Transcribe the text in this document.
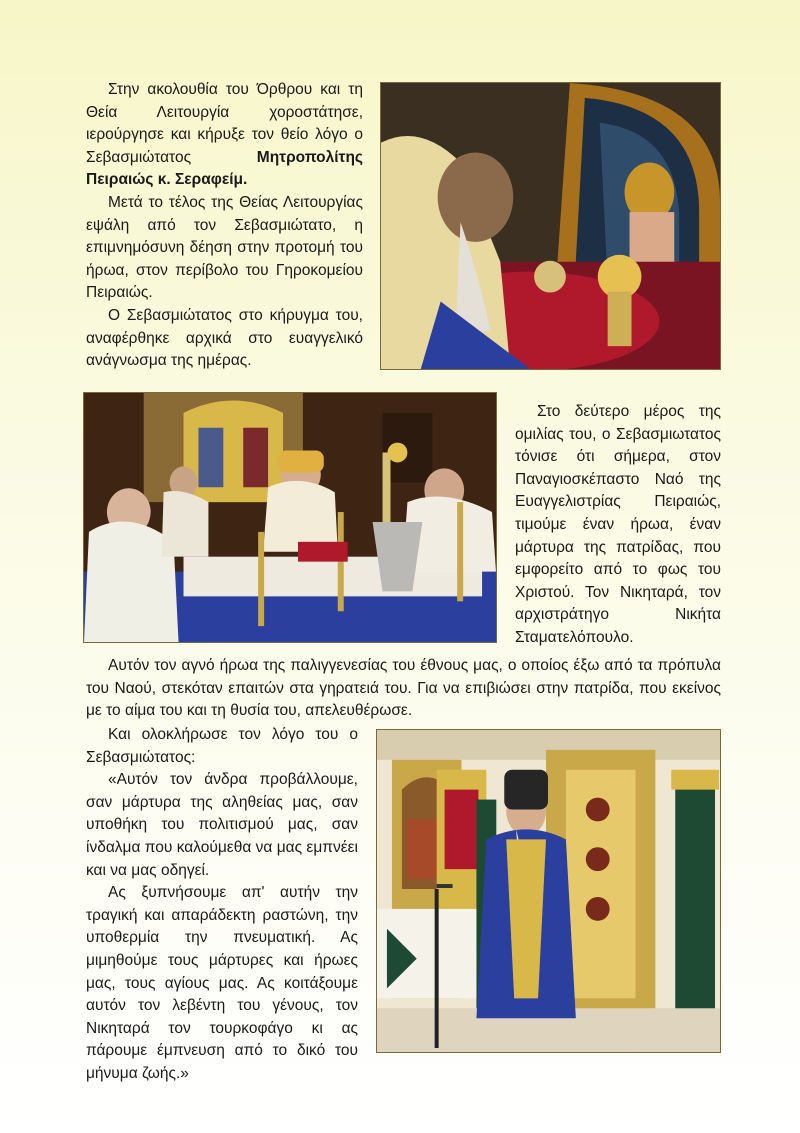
Στην ακολουθία του Όρθρου και τη Θεία Λειτουργία χοροστάτησε, ιερούργησε και κήρυξε τον θείο λόγο ο Σεβασμιώτατος Μητροπολίτης Πειραιώς κ. Σεραφείμ.

Μετά το τέλος της Θείας Λειτουργίας εψάλη από τον Σεβασμιώτατο, η επιμνημόσυνη δέηση στην προτομή του ήρωα, στον περίβολο του Γηροκομείου Πειραιώς.

Ο Σεβασμιώτατος στο κήρυγμα του, αναφέρθηκε αρχικά στο ευαγγελικό ανάγνωσμα της ημέρας.

Στο δεύτερο μέρος της ομιλίας του, ο Σεβασμιωτατος τόνισε ότι σήμερα, στον Παναγιοσκέπαστο Ναό της Ευαγγελιστρίας Πειραιώς, τιμούμε έναν ήρωα, έναν μάρτυρα της πατρίδας, που εμφορείτο από το φως του Χριστού. Τον Νικηταρά, τον αρχιστράτηγο Νικήτα Σταματελόπουλο.

Αυτόν τον αγνό ήρωα της παλιγγενεσίας του έθνους μας, ο οποίος έξω από τα πρόπυλα του Ναού, στεκόταν επαιτών στα γηρατειά του. Για να επιβιώσει στην πατρίδα, που εκείνος με το αίμα του και τη θυσία του, απελευθέρωσε.

Και ολοκλήρωσε τον λόγο του ο Σεβασμιώτατος:

«Αυτόν τον άνδρα προβάλλουμε, σαν μάρτυρα της αληθείας μας, σαν υποθήκη του πολιτισμού μας, σαν ίνδαλμα που καλούμεθα να μας εμπνέει και να μας οδηγεί.

Ας ξυπνήσουμε απ' αυτήν την τραγική και απαράδεκτη ραστώνη, την υποθερμία την πνευματική. Ας μιμηθούμε τους μάρτυρες και ήρωες μας, τους αγίους μας. Ας κοιτάξουμε αυτόν τον λεβέντη του γένους, τον Νικηταρά τον τουρκοφάγο κι ας πάρουμε έμπνευση από το δικό του μήνυμα ζωής.»
